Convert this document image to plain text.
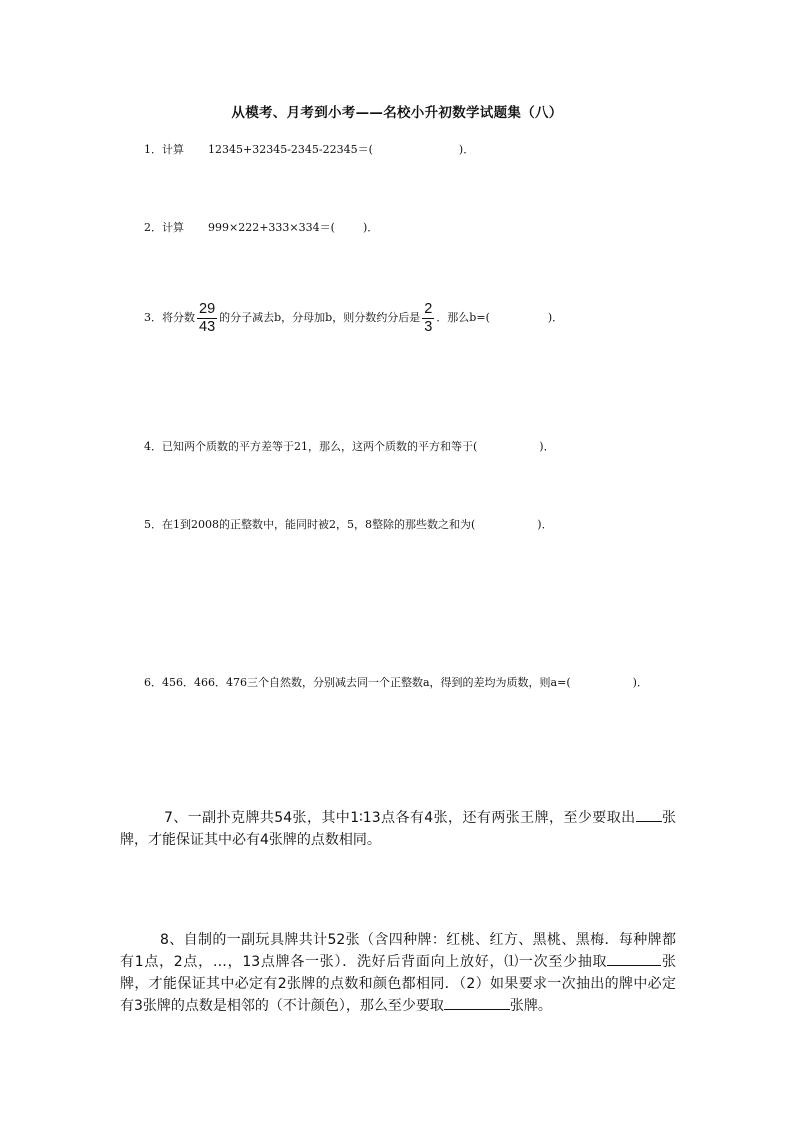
从模考、月考到小考——名校小升初数学试题集（八）
1．计算 12345+32345-2345-22345＝(	)．
2．计算 999×222+333×334＝(	)．
3．将分数 $\frac{29}{43}$ 的分子减去b，分母加b，则分数约分后是 $\frac{2}{3}$ ．那么b=(	)．
4．已知两个质数的平方差等于21，那么，这两个质数的平方和等于(	)．
5．在1到2008的正整数中，能同时被2，5，8整除的那些数之和为(	)．
6．456．466．476三个自然数，分别减去同一个正整数a，得到的差均为质数，则a=(	)．
7、一副扑克牌共54张，其中1∶13点各有4张，还有两张王牌，至少要取出 张牌，才能保证其中必有4张牌的点数相同。
8、自制的一副玩具牌共计52张（含四种牌：红桃、红方、黑桃、黑梅．每种牌都有1点，2点，…，13点牌各一张）．洗好后背面向上放好，⑴一次至少抽取	张牌，才能保证其中必定有2张牌的点数和颜色都相同．（2）如果要求一次抽出的牌中必定有3张牌的点数是相邻的（不计颜色），那么至少要取	张牌。
